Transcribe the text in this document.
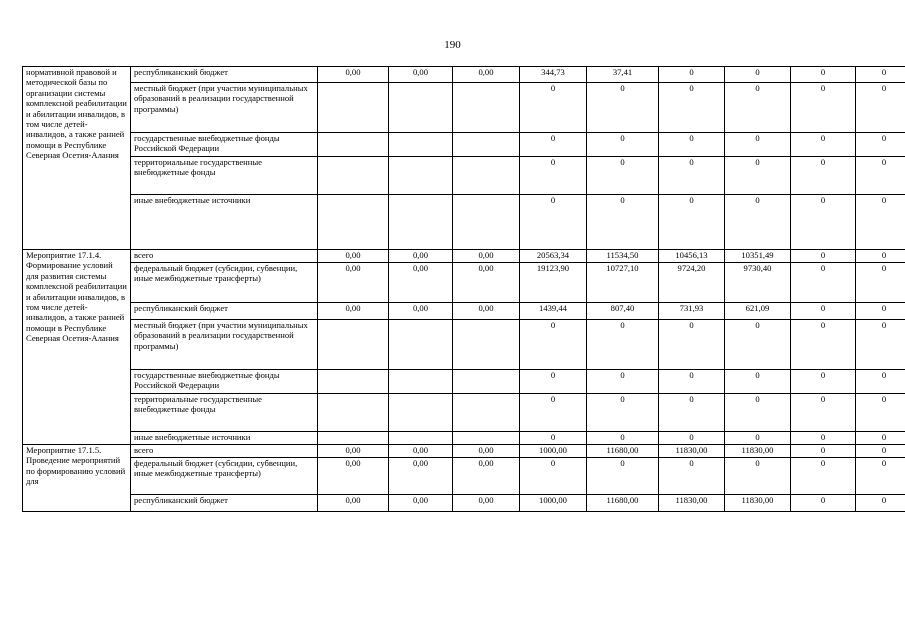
190
нормативной правовой и методической базы по организации системы комплексной реабилитации и абилитации инвалидов, в том числе детей-инвалидов, а также ранней помощи в Республике Северная Осетия-Алания	республиканский бюджет	0,00	0,00	0,00	344,73	37,41	0	0	0	0
	местный бюджет (при участии муниципальных образований в реализации государственной программы)				0	0	0	0	0	0
	государственные внебюджетные фонды Российской Федерации				0	0	0	0	0	0
	территориальные государственные внебюджетные фонды				0	0	0	0	0	0
	иные внебюджетные источники				0	0	0	0	0	0
Мероприятие 17.1.4. Формирование условий для развития системы комплексной реабилитации и абилитации инвалидов, в том числе детей-инвалидов, а также ранней помощи в Республике Северная Осетия-Алания	всего	0,00	0,00	0,00	20563,34	11534,50	10456,13	10351,49	0	0
	федеральный бюджет (субсидии, субвенции, иные межбюджетные трансферты)	0,00	0,00	0,00	19123,90	10727,10	9724,20	9730,40	0	0
	республиканский бюджет	0,00	0,00	0,00	1439,44	807,40	731,93	621,09	0	0
	местный бюджет (при участии муниципальных образований в реализации государственной программы)				0	0	0	0	0	0
	государственные внебюджетные фонды Российской Федерации				0	0	0	0	0	0
	территориальные государственные внебюджетные фонды				0	0	0	0	0	0
	иные внебюджетные источники				0	0	0	0	0	0
Мероприятие 17.1.5. Проведение мероприятий по формированию условий для	всего	0,00	0,00	0,00	1000,00	11680,00	11830,00	11830,00	0	0
	федеральный бюджет (субсидии, субвенции, иные межбюджетные трансферты)	0,00	0,00	0,00	0	0	0	0	0	0
	республиканский бюджет	0,00	0,00	0,00	1000,00	11680,00	11830,00	11830,00	0	0
